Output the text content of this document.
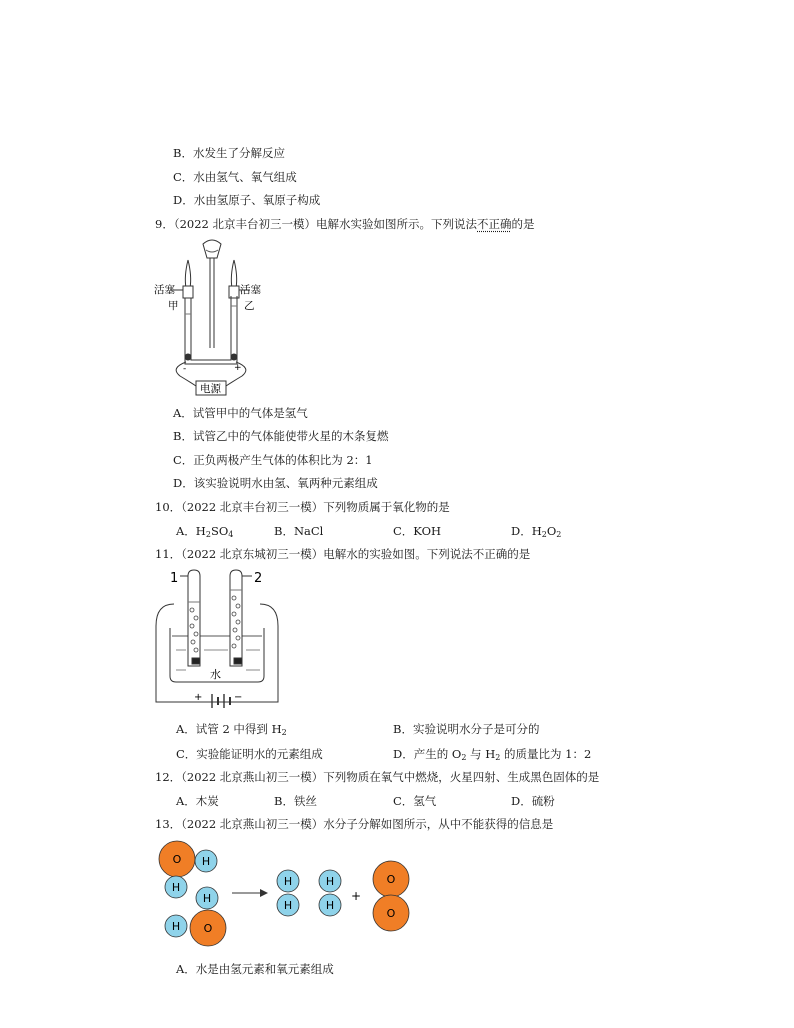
B．水发生了分解反应
C．水由氢气、氧气组成
D．水由氢原子、氧原子构成
9．（2022 北京丰台初三一模）电解水实验如图所示。下列说法不正确的是
活塞	活塞
甲	乙
-	+
电源
A．试管甲中的气体是氢气
B．试管乙中的气体能使带火星的木条复燃
C．正负两极产生气体的体积比为 2：1
D．该实验说明水由氢、氧两种元素组成
10．（2022 北京丰台初三一模）下列物质属于氧化物的是
A．$H_2SO_4$	B．NaCl	C．KOH	D．$H_2O_2$
11．（2022 北京东城初三一模）电解水的实验如图。下列说法不正确的是
1	2
水
+	−
A．试管 2 中得到 $H_2$	B．实验说明水分子是可分的
C．实验能证明水的元素组成	D．产生的 $O_2$ 与 $H_2$ 的质量比为 1：2
12．（2022 北京燕山初三一模）下列物质在氧气中燃烧，火星四射、生成黑色固体的是
A．木炭	B．铁丝	C．氢气	D．硫粉
13．（2022 北京燕山初三一模）水分子分解如图所示，从中不能获得的信息是
O H
H
H
H O
H
H
H
H
+
O
O
A．水是由氢元素和氧元素组成
